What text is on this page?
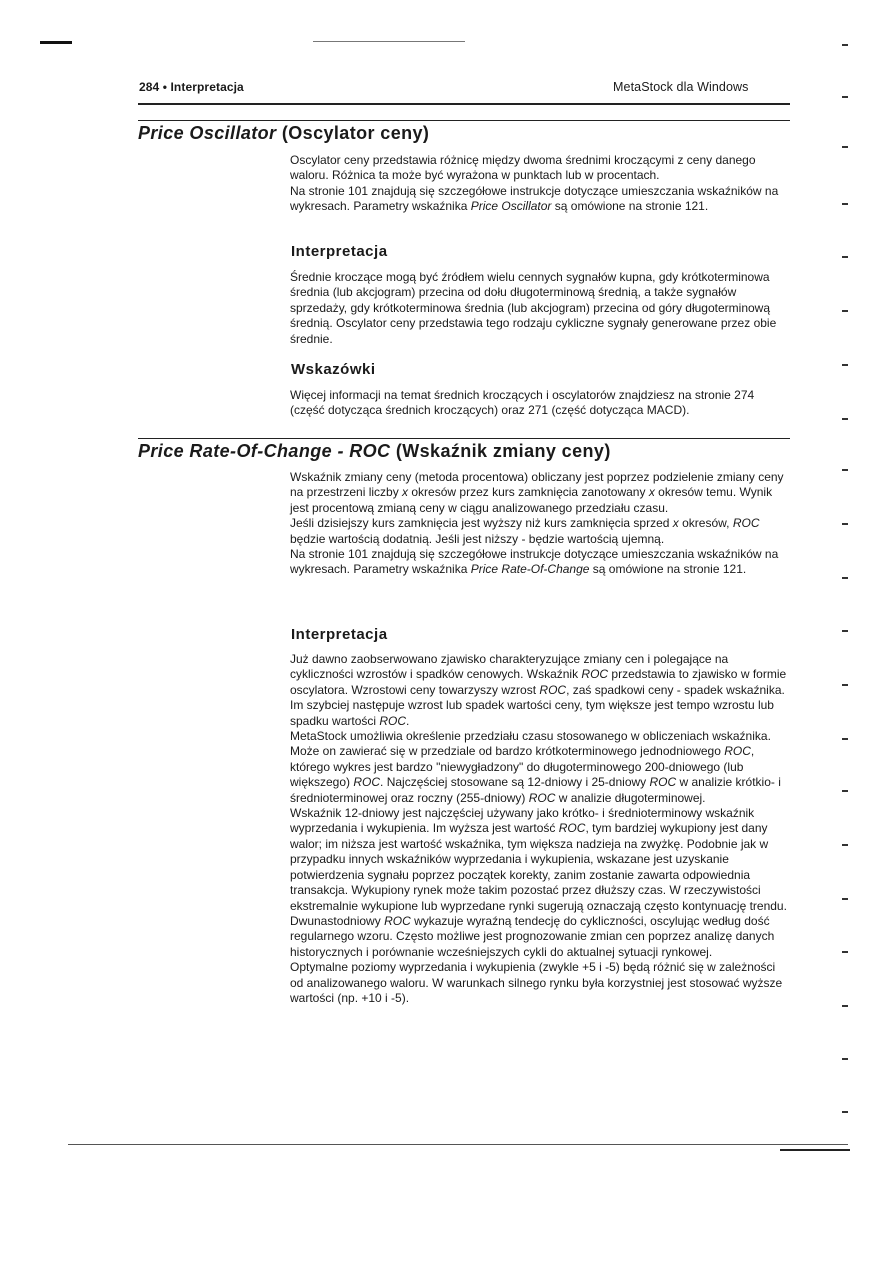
284 • Interpretacja	MetaStock dla Windows
Price Oscillator (Oscylator ceny)

Oscylator ceny przedstawia różnicę między dwoma średnimi kroczącymi z ceny danego waloru. Różnica ta może być wyrażona w punktach lub w procentach.

Na stronie 101 znajdują się szczegółowe instrukcje dotyczące umieszczania wskaźników na wykresach. Parametry wskaźnika Price Oscillator są omówione na stronie 121.

Interpretacja

Średnie kroczące mogą być źródłem wielu cennych sygnałów kupna, gdy krótkoterminowa średnia (lub akcjogram) przecina od dołu długoterminową średnią, a także sygnałów sprzedaży, gdy krótkoterminowa średnia (lub akcjogram) przecina od góry długoterminową średnią. Oscylator ceny przedstawia tego rodzaju cykliczne sygnały generowane przez obie średnie.

Wskazówki

Więcej informacji na temat średnich kroczących i oscylatorów znajdziesz na stronie 274 (część dotycząca średnich kroczących) oraz 271 (część dotycząca MACD).

Price Rate-Of-Change - ROC (Wskaźnik zmiany ceny)

Wskaźnik zmiany ceny (metoda procentowa) obliczany jest poprzez podzielenie zmiany ceny na przestrzeni liczby x okresów przez kurs zamknięcia zanotowany x okresów temu. Wynik jest procentową zmianą ceny w ciągu analizowanego przedziału czasu.

Jeśli dzisiejszy kurs zamknięcia jest wyższy niż kurs zamknięcia sprzed x okresów, ROC będzie wartością dodatnią. Jeśli jest niższy - będzie wartością ujemną.

Na stronie 101 znajdują się szczegółowe instrukcje dotyczące umieszczania wskaźników na wykresach. Parametry wskaźnika Price Rate-Of-Change są omówione na stronie 121.

Interpretacja

Już dawno zaobserwowano zjawisko charakteryzujące zmiany cen i polegające na cykliczności wzrostów i spadków cenowych. Wskaźnik ROC przedstawia to zjawisko w formie oscylatora. Wzrostowi ceny towarzyszy wzrost ROC, zaś spadkowi ceny - spadek wskaźnika. Im szybciej następuje wzrost lub spadek wartości ceny, tym większe jest tempo wzrostu lub spadku wartości ROC.

MetaStock umożliwia określenie przedziału czasu stosowanego w obliczeniach wskaźnika. Może on zawierać się w przedziale od bardzo krótkoterminowego jednodniowego ROC, którego wykres jest bardzo "niewygładzony" do długoterminowego 200-dniowego (lub większego) ROC. Najczęściej stosowane są 12-dniowy i 25-dniowy ROC w analizie krótkio- i średnioterminowej oraz roczny (255-dniowy) ROC w analizie długoterminowej.

Wskaźnik 12-dniowy jest najczęściej używany jako krótko- i średnioterminowy wskaźnik wyprzedania i wykupienia. Im wyższa jest wartość ROC, tym bardziej wykupiony jest dany walor; im niższa jest wartość wskaźnika, tym większa nadzieja na zwyżkę. Podobnie jak w przypadku innych wskaźników wyprzedania i wykupienia, wskazane jest uzyskanie potwierdzenia sygnału poprzez początek korekty, zanim zostanie zawarta odpowiednia transakcja. Wykupiony rynek może takim pozostać przez dłuższy czas. W rzeczywistości ekstremalnie wykupione lub wyprzedane rynki sugerują oznaczają często kontynuację trendu.

Dwunastodniowy ROC wykazuje wyraźną tendecję do cykliczności, oscylując według dość regularnego wzoru. Często możliwe jest prognozowanie zmian cen poprzez analizę danych historycznych i porównanie wcześniejszych cykli do aktualnej sytuacji rynkowej.

Optymalne poziomy wyprzedania i wykupienia (zwykle +5 i -5) będą różnić się w zależności od analizowanego waloru. W warunkach silnego rynku była korzystniej jest stosować wyższe wartości (np. +10 i -5).
